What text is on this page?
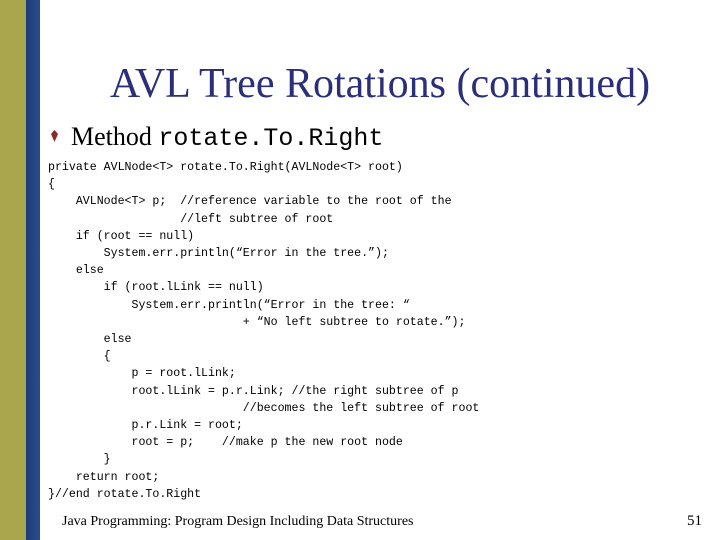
AVL Tree Rotations (continued)
Method rotate.To.Right
private AVLNode<T> rotate.To.Right(AVLNode<T> root)
{
AVLNode<T> p;  //reference variable to the root of the
//left subtree of root
if (root == null)
System.err.println(“Error in the tree.”);
else
if (root.lLink == null)
System.err.println(“Error in the tree: “
+ “No left subtree to rotate.”);
else
{
p = root.lLink;
root.lLink = p.r.Link; //the right subtree of p
//becomes the left subtree of root
p.r.Link = root;
root = p;    //make p the new root node
}
return root;
}//end rotate.To.Right
Java Programming: Program Design Including Data Structures	51
